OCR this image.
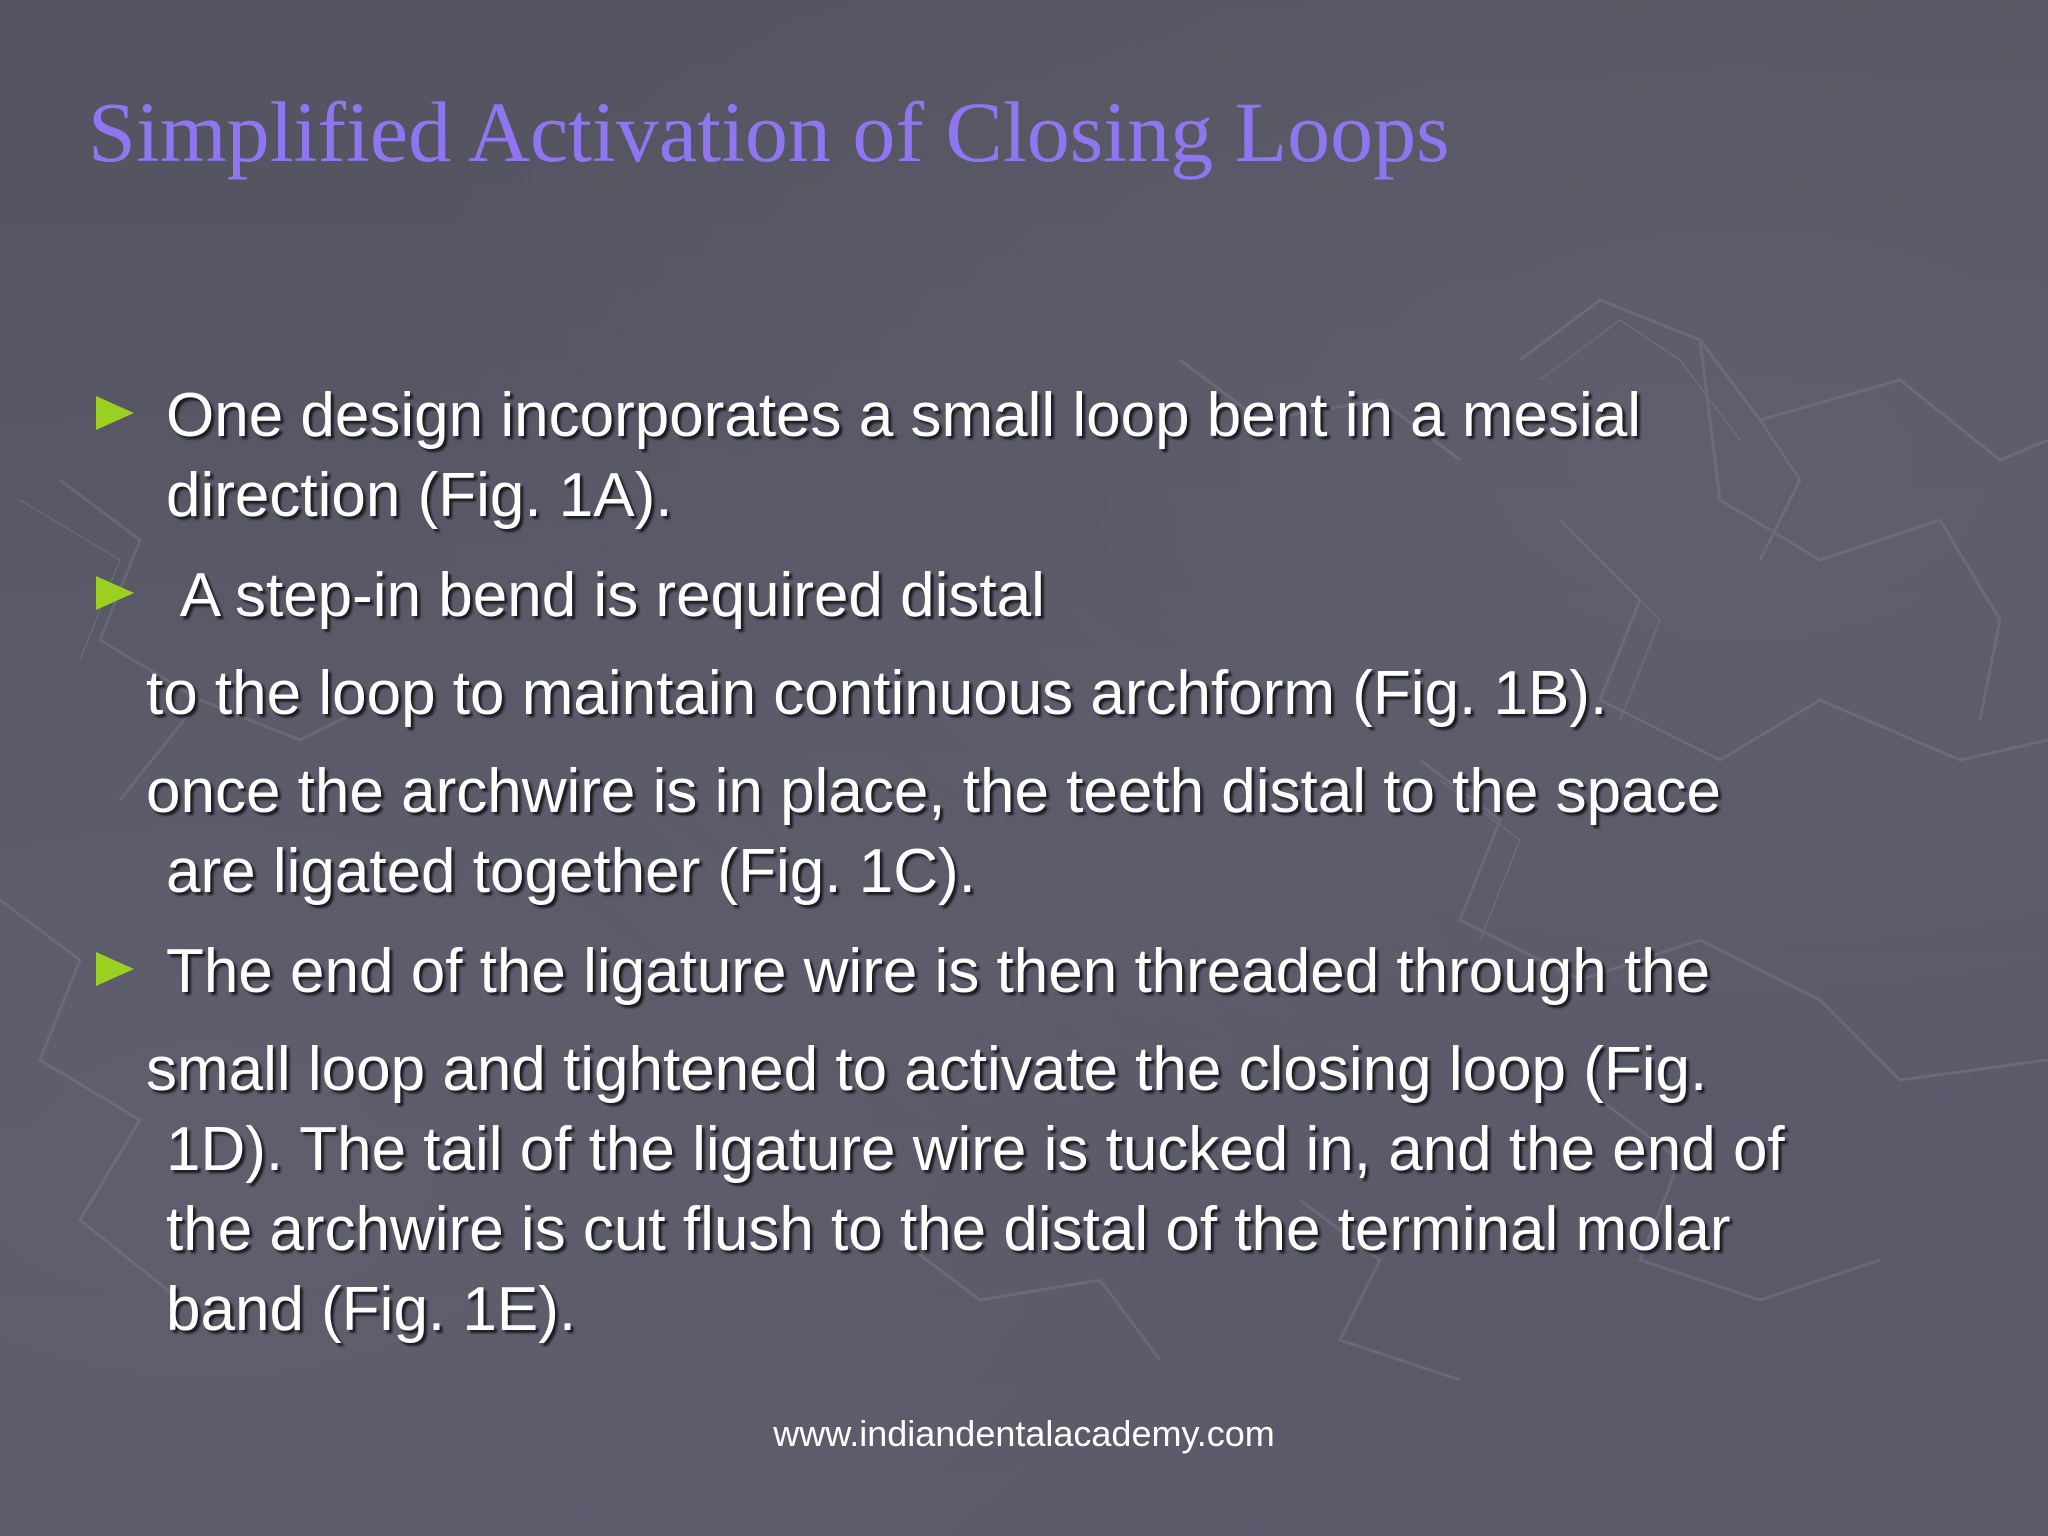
Simplified Activation of Closing Loops
One design incorporates a small loop bent in a mesial
direction (Fig. 1A).
A step-in bend is required distal
to the loop to maintain continuous archform (Fig. 1B).
once the archwire is in place, the teeth distal to the space
are ligated together (Fig. 1C).
The end of the ligature wire is then threaded through the
small loop and tightened to activate the closing loop (Fig.
1D). The tail of the ligature wire is tucked in, and the end of
the archwire is cut flush to the distal of the terminal molar
band (Fig. 1E).
www.indiandentalacademy.com
